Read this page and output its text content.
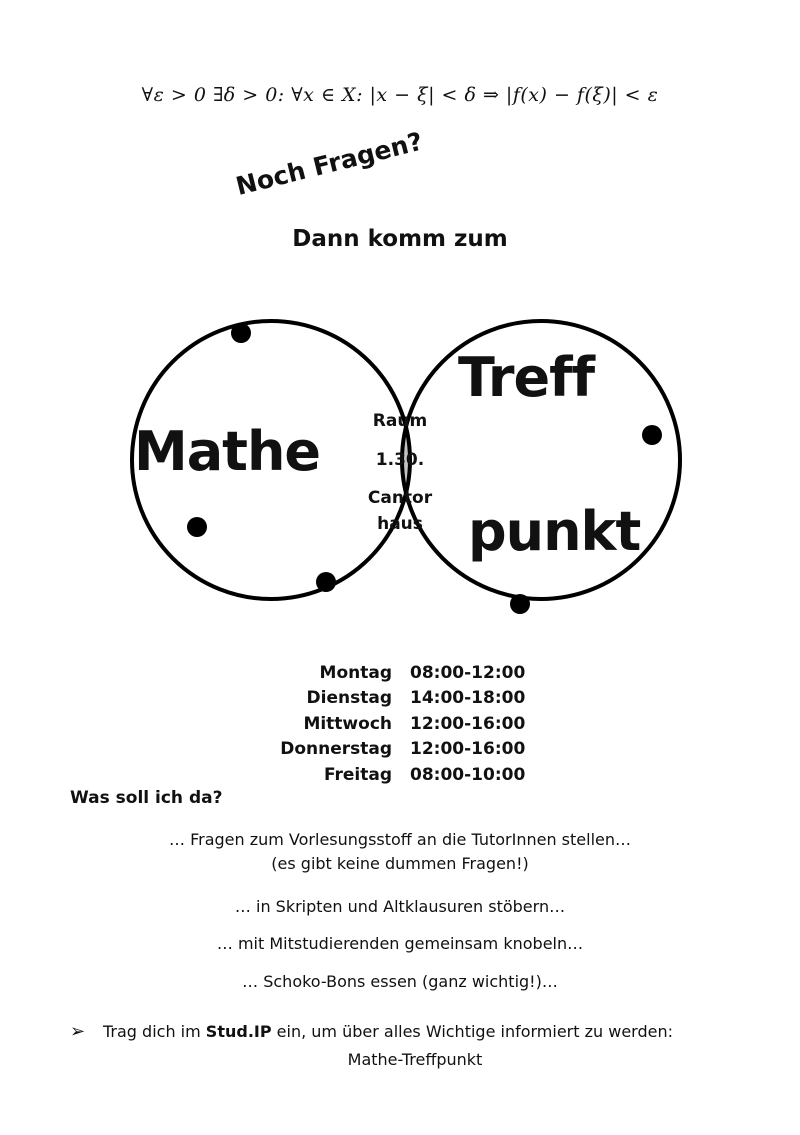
∀ε > 0 ∃δ > 0: ∀x ∈ X: |x − ξ| < δ ⇒ |f(x) − f(ξ)| < ε
Noch Fragen?
Dann komm zum
Mathe
Treff
punkt
Raum
1.30.
Cantor
haus
Montag	08:00-12:00
Dienstag	14:00-18:00
Mittwoch	12:00-16:00
Donnerstag	12:00-16:00
Freitag	08:00-10:00
Was soll ich da?
… Fragen zum Vorlesungsstoff an die TutorInnen stellen…
(es gibt keine dummen Fragen!)
… in Skripten und Altklausuren stöbern…
… mit Mitstudierenden gemeinsam knobeln…
… Schoko-Bons essen (ganz wichtig!)…
➢ Trag dich im Stud.IP ein, um über alles Wichtige informiert zu werden:
Mathe-Treffpunkt
